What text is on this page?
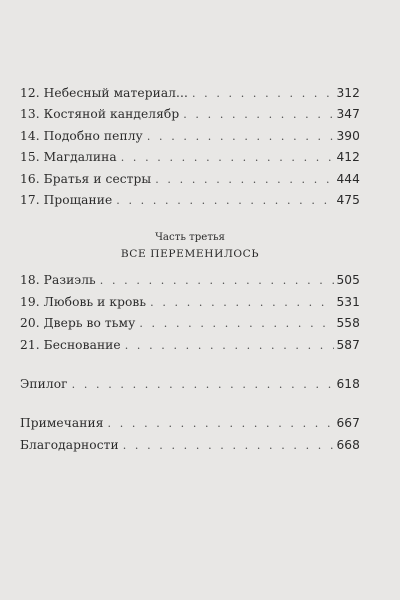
12. Небесный материал... . . .	312
13. Костяной канделябр . . .	347
14. Подобно пеплу . . .	390
15. Магдалина . . .	412
16. Братья и сестры . . .	444
17. Прощание . . .	475
Часть третья
ВСЕ ПЕРЕМЕНИЛОСЬ
18. Разиэль . . .	505
19. Любовь и кровь . . .	531
20. Дверь во тьму . . .	558
21. Беснование . . .	587
Эпилог . . .	618
Примечания . . .	667
Благодарности . . .	668
